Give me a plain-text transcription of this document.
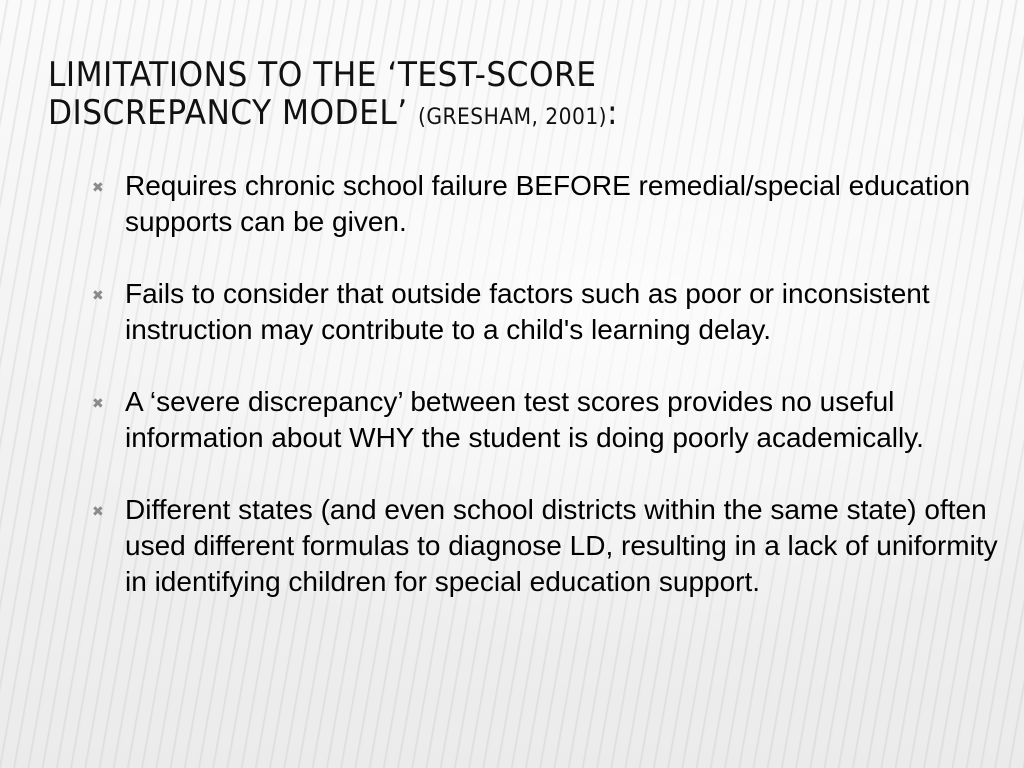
LIMITATIONS TO THE ‘TEST-SCORE
DISCREPANCY MODEL’ (GRESHAM, 2001):
✖ Requires chronic school failure BEFORE remedial/special education supports can be given.
✖ Fails to consider that outside factors such as poor or inconsistent instruction may contribute to a child's learning delay.
✖ A ‘severe discrepancy’ between test scores provides no useful information about WHY the student is doing poorly academically.
✖ Different states (and even school districts within the same state) often used different formulas to diagnose LD, resulting in a lack of uniformity in identifying children for special education support.
